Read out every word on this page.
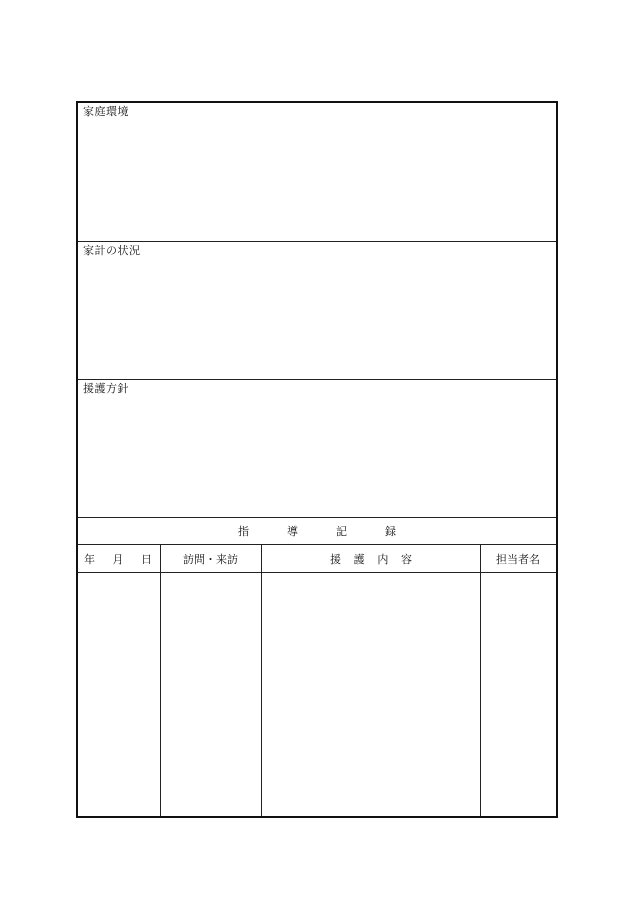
家庭環境
家計の状況
援護方針
指	導	記	録
年 月 日	訪問・来訪	援 護 内 容	担当者名
